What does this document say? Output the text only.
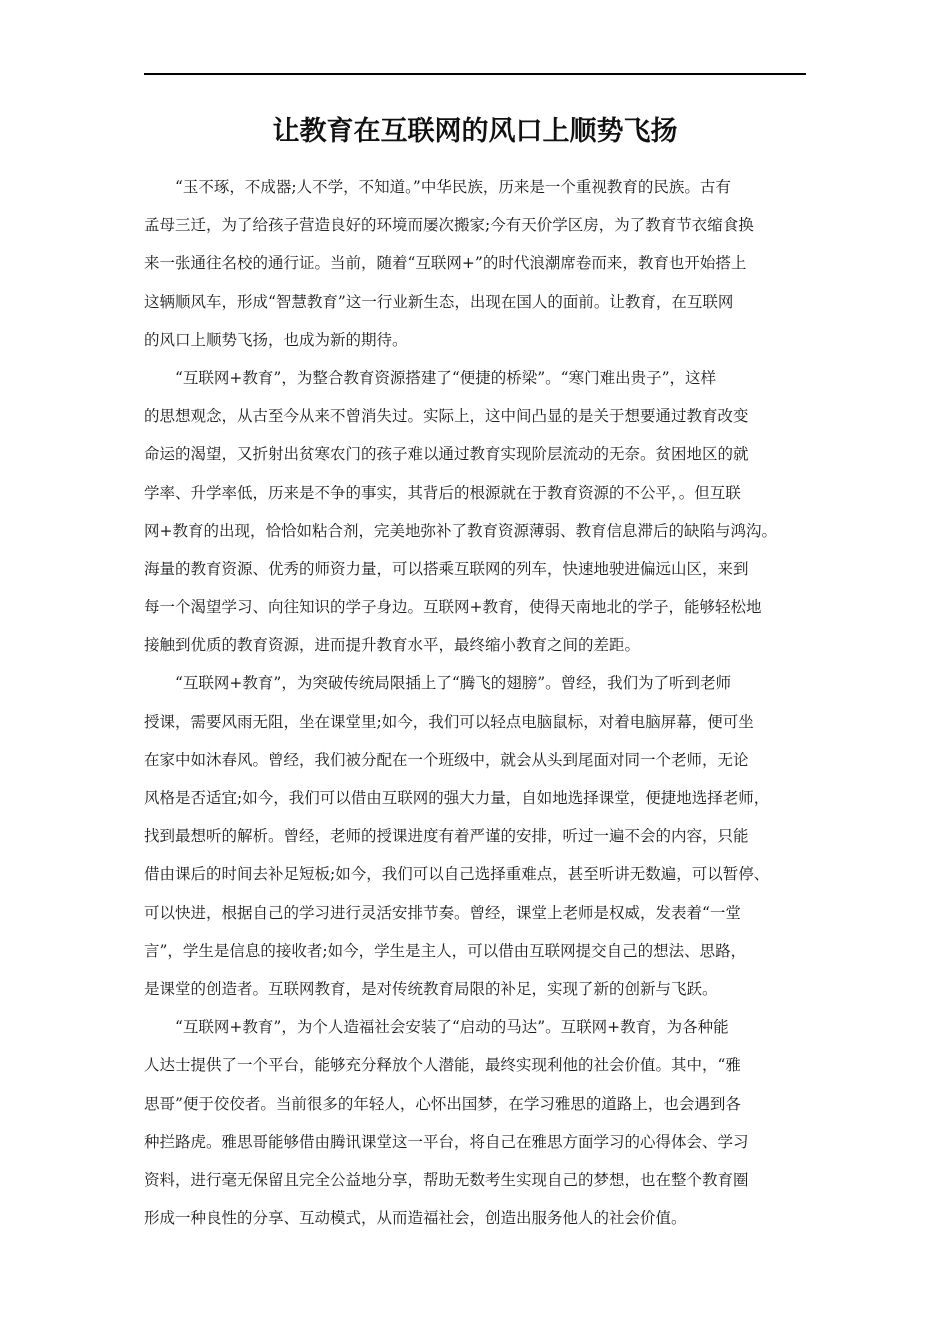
让教育在互联网的风口上顺势飞扬
“玉不琢，不成器;人不学，不知道。”中华民族，历来是一个重视教育的民族。古有
孟母三迁，为了给孩子营造良好的环境而屡次搬家;今有天价学区房，为了教育节衣缩食换
来一张通往名校的通行证。当前，随着“互联网+”的时代浪潮席卷而来，教育也开始搭上
这辆顺风车，形成“智慧教育”这一行业新生态，出现在国人的面前。让教育，在互联网
的风口上顺势飞扬，也成为新的期待。
“互联网+教育”，为整合教育资源搭建了“便捷的桥梁”。“寒门难出贵子”，这样
的思想观念，从古至今从来不曾消失过。实际上，这中间凸显的是关于想要通过教育改变
命运的渴望，又折射出贫寒农门的孩子难以通过教育实现阶层流动的无奈。贫困地区的就
学率、升学率低，历来是不争的事实，其背后的根源就在于教育资源的不公平，。但互联
网+教育的出现，恰恰如粘合剂，完美地弥补了教育资源薄弱、教育信息滞后的缺陷与鸿沟。
海量的教育资源、优秀的师资力量，可以搭乘互联网的列车，快速地驶进偏远山区，来到
每一个渴望学习、向往知识的学子身边。互联网+教育，使得天南地北的学子，能够轻松地
接触到优质的教育资源，进而提升教育水平，最终缩小教育之间的差距。
“互联网+教育”，为突破传统局限插上了“腾飞的翅膀”。曾经，我们为了听到老师
授课，需要风雨无阻，坐在课堂里;如今，我们可以轻点电脑鼠标，对着电脑屏幕，便可坐
在家中如沐春风。曾经，我们被分配在一个班级中，就会从头到尾面对同一个老师，无论
风格是否适宜;如今，我们可以借由互联网的强大力量，自如地选择课堂，便捷地选择老师，
找到最想听的解析。曾经，老师的授课进度有着严谨的安排，听过一遍不会的内容，只能
借由课后的时间去补足短板;如今，我们可以自己选择重难点，甚至听讲无数遍，可以暂停、
可以快进，根据自己的学习进行灵活安排节奏。曾经，课堂上老师是权威，发表着“一堂
言”，学生是信息的接收者;如今，学生是主人，可以借由互联网提交自己的想法、思路，
是课堂的创造者。互联网教育，是对传统教育局限的补足，实现了新的创新与飞跃。
“互联网+教育”，为个人造福社会安装了“启动的马达”。互联网+教育，为各种能
人达士提供了一个平台，能够充分释放个人潜能，最终实现利他的社会价值。其中，“雅
思哥”便于佼佼者。当前很多的年轻人，心怀出国梦，在学习雅思的道路上，也会遇到各
种拦路虎。雅思哥能够借由腾讯课堂这一平台，将自己在雅思方面学习的心得体会、学习
资料，进行毫无保留且完全公益地分享，帮助无数考生实现自己的梦想，也在整个教育圈
形成一种良性的分享、互动模式，从而造福社会，创造出服务他人的社会价值。
